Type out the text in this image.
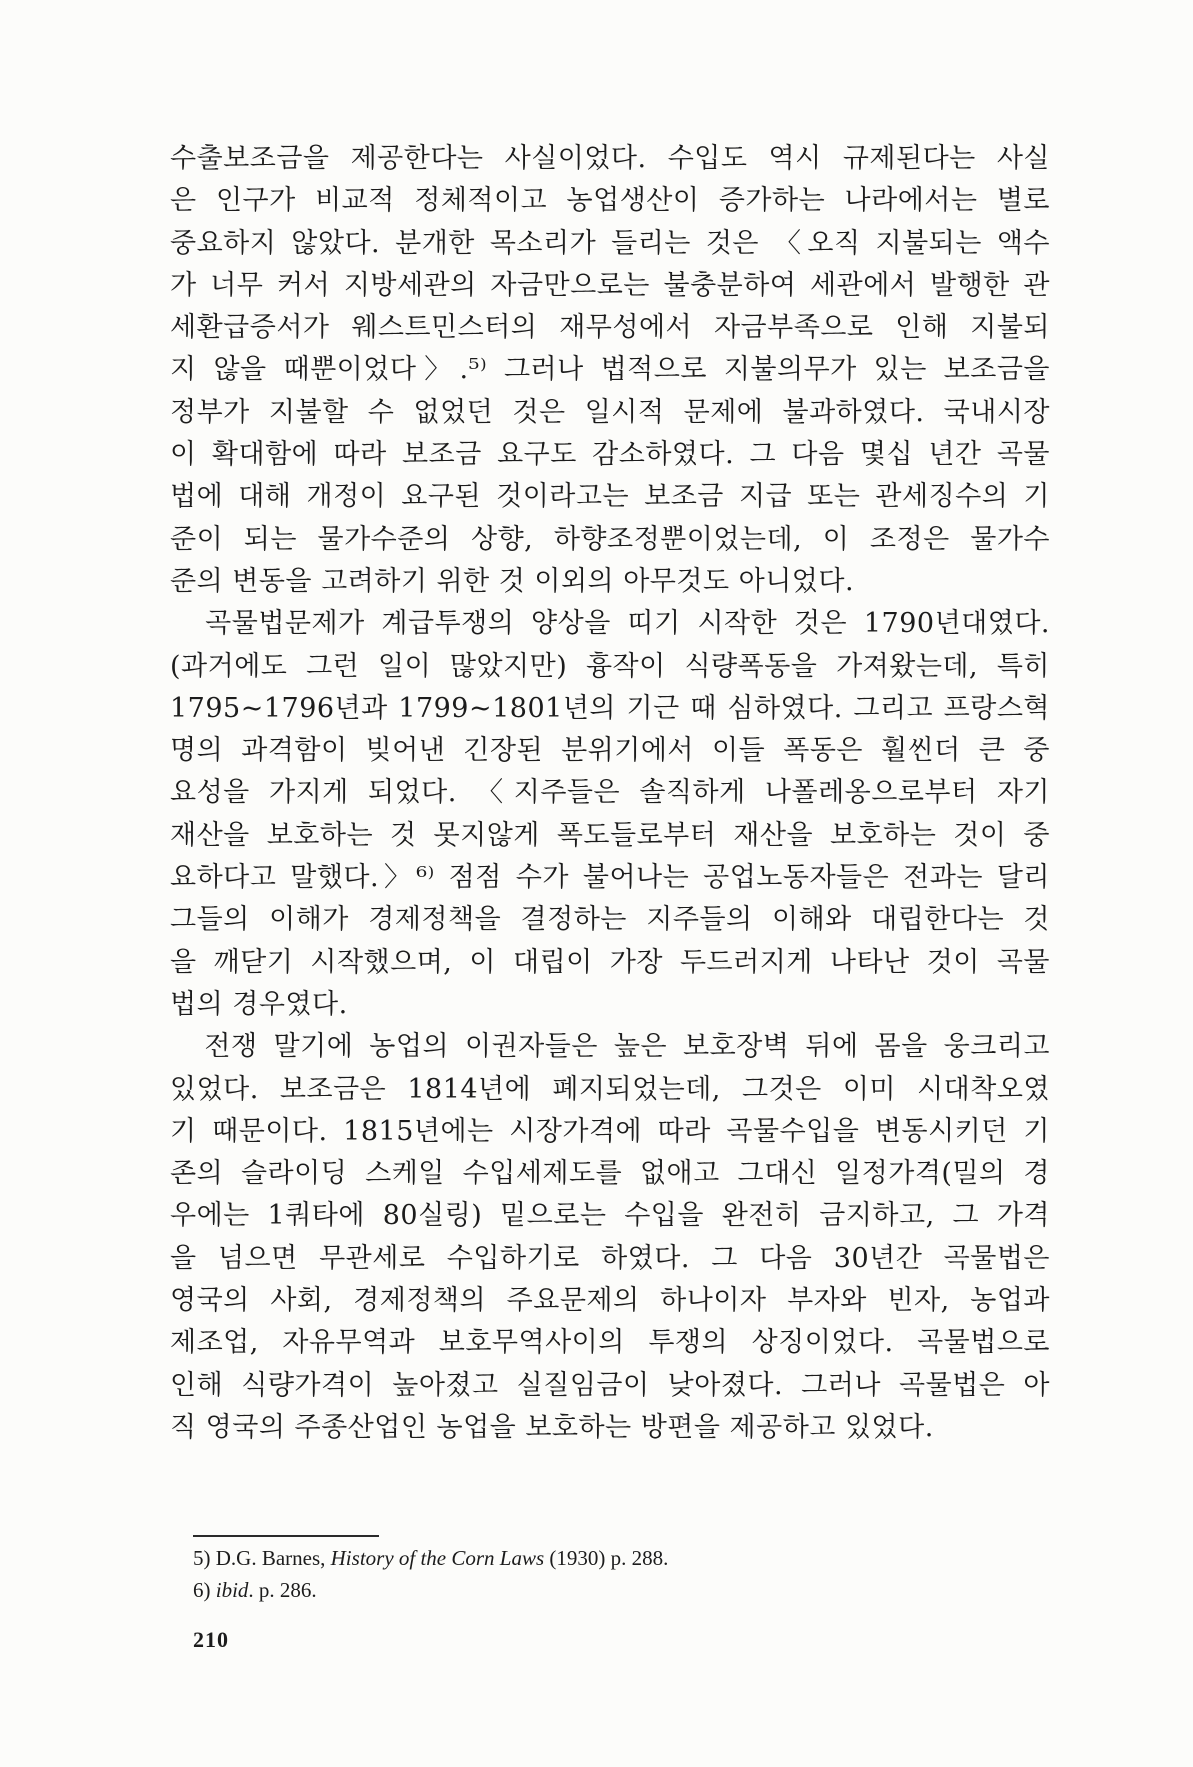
수출보조금을 제공한다는 사실이었다. 수입도 역시 규제된다는 사실
은 인구가 비교적 정체적이고 농업생산이 증가하는 나라에서는 별로
중요하지 않았다. 분개한 목소리가 들리는 것은 〈오직 지불되는 액수
가 너무 커서 지방세관의 자금만으로는 불충분하여 세관에서 발행한 관
세환급증서가 웨스트민스터의 재무성에서 자금부족으로 인해 지불되
지 않을 때뿐이었다〉.⁵⁾ 그러나 법적으로 지불의무가 있는 보조금을
정부가 지불할 수 없었던 것은 일시적 문제에 불과하였다. 국내시장
이 확대함에 따라 보조금 요구도 감소하였다. 그 다음 몇십 년간 곡물
법에 대해 개정이 요구된 것이라고는 보조금 지급 또는 관세징수의 기
준이 되는 물가수준의 상향, 하향조정뿐이었는데, 이 조정은 물가수
준의 변동을 고려하기 위한 것 이외의 아무것도 아니었다.
　곡물법문제가 계급투쟁의 양상을 띠기 시작한 것은 1790년대였다.
(과거에도 그런 일이 많았지만) 흉작이 식량폭동을 가져왔는데, 특히
1795~1796년과 1799~1801년의 기근 때 심하였다. 그리고 프랑스혁
명의 과격함이 빚어낸 긴장된 분위기에서 이들 폭동은 훨씬더 큰 중
요성을 가지게 되었다. 〈지주들은 솔직하게 나폴레옹으로부터 자기
재산을 보호하는 것 못지않게 폭도들로부터 재산을 보호하는 것이 중
요하다고 말했다.〉⁶⁾ 점점 수가 불어나는 공업노동자들은 전과는 달리
그들의 이해가 경제정책을 결정하는 지주들의 이해와 대립한다는 것
을 깨닫기 시작했으며, 이 대립이 가장 두드러지게 나타난 것이 곡물
법의 경우였다.
　전쟁 말기에 농업의 이권자들은 높은 보호장벽 뒤에 몸을 웅크리고
있었다. 보조금은 1814년에 폐지되었는데, 그것은 이미 시대착오였
기 때문이다. 1815년에는 시장가격에 따라 곡물수입을 변동시키던 기
존의 슬라이딩 스케일 수입세제도를 없애고 그대신 일정가격(밀의 경
우에는 1쿼타에 80실링) 밑으로는 수입을 완전히 금지하고, 그 가격
을 넘으면 무관세로 수입하기로 하였다. 그 다음 30년간 곡물법은
영국의 사회, 경제정책의 주요문제의 하나이자 부자와 빈자, 농업과
제조업, 자유무역과 보호무역사이의 투쟁의 상징이었다. 곡물법으로
인해 식량가격이 높아졌고 실질임금이 낮아졌다. 그러나 곡물법은 아
직 영국의 주종산업인 농업을 보호하는 방편을 제공하고 있었다.
5) D.G. Barnes, History of the Corn Laws (1930) p. 288.
6) ibid. p. 286.
210
